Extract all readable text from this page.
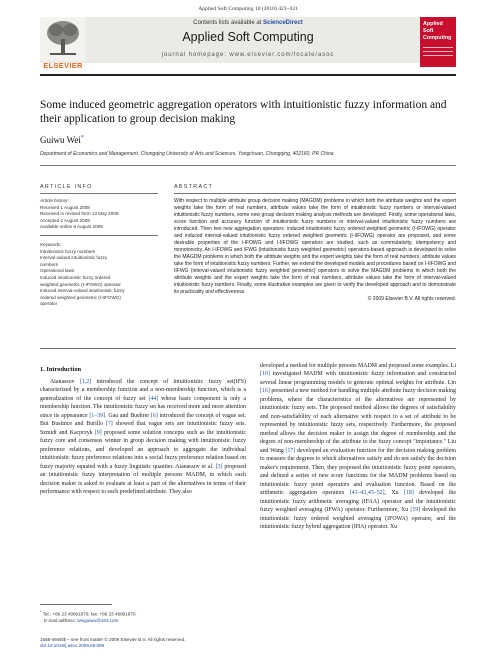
Applied Soft Computing 10 (2010) 423–431
ELSEVIER
Contents lists available at ScienceDirect
Applied Soft Computing
journal homepage: www.elsevier.com/locate/asoc
Applied
Soft
Computing
Some induced geometric aggregation operators with intuitionistic fuzzy information and their application to group decision making
Guiwu Wei*
Department of Economics and Management, Chongqing University of Arts and Sciences, Yongchuan, Chongqing, 402160, PR China
ARTICLE INFO	ABSTRACT
Article history:
Received 1 August 2008
Received in revised form 13 May 2009
Accepted 2 August 2009
Available online 8 August 2009
Keywords:
Intuitionistic fuzzy numbers
Interval-valued intuitionistic fuzzy
numbers
Operational laws
Induced intuitionistic fuzzy ordered
weighted geometric (I-IFOWG) operator
Induced interval-valued intuitionistic fuzzy
ordered weighted geometric (I-IIFOWG)
operator
With respect to multiple attribute group decision making (MAGDM) problems in which both the attribute weights and the expert weights take the form of real numbers, attribute values take the form of intuitionistic fuzzy numbers or interval-valued intuitionistic fuzzy numbers, some new group decision making analysis methods are developed. Firstly, some operational laws, score function and accuracy function of intuitionistic fuzzy numbers or interval-valued intuitionistic fuzzy numbers are introduced. Then two new aggregation operators: induced intuitionistic fuzzy ordered weighted geometric (I-IFOWG) operator and induced interval-valued intuitionistic fuzzy ordered weighted geometric (I-IIFOWG) operator are proposed, and some desirable properties of the I-IFOWG and I-IIFOWG operators are studied, such as commutativity, idempotency and monotonicity. An I-IFOWG and IFWG (intuitionistic fuzzy weighted geometric) operators-based approach is developed to solve the MAGDM problems in which both the attribute weights and the expert weights take the form of real numbers, attribute values take the form of intuitionistic fuzzy numbers. Further, we extend the developed models and procedures based on I-IIFOWG and IIFWG (interval-valued intuitionistic fuzzy weighted geometric) operators to solve the MAGDM problems in which both the attribute weights and the expert weights take the form of real numbers, attribute values take the form of interval-valued intuitionistic fuzzy numbers. Finally, some illustrative examples are given to verify the developed approach and to demonstrate its practicality and effectiveness.
© 2009 Elsevier B.V. All rights reserved.
1. Introduction
Atanassov [1,2] introduced the concept of intuitionistic fuzzy set(IFS) characterized by a membership function and a non-membership function, which is a generalization of the concept of fuzzy set [44] whose basic component is only a membership function. The intuitionistic fuzzy set has received more and more attention since its appearance [1–39]. Gau and Buehrer [6] introduced the concept of vague set. But Bustince and Burillo [7] showed that vague sets are intuitionistic fuzzy sets. Szmidt and Kacprzyk [9] proposed some solution concepts such as the intuitionistic fuzzy core and consensus winner in group decision making with intuitionistic fuzzy preference relations, and developed an approach to aggregate the individual intuitionistic fuzzy preference relations into a social fuzzy preference relation based on fuzzy majority equated with a fuzzy linguistic quantier. Atanassov et al. [3] proposed an intuitionistic fuzzy interpretation of multiple persons MADM, in which each decision maker is asked to evaluate at least a part of the alternatives in terms of their performance with respect to each predefined attribute. They also
developed a method for multiple persons MADM and proposed some examples. Li [10] investigated MADM with intuitionistic fuzzy information and constructed several linear programming models to generate optimal weights for attribute. Lin [16] presented a new method for handling multiple attribute fuzzy decision making problems, where the characteristics of the alternatives are represented by intuitionistic fuzzy sets. The proposed method allows the degrees of satisfiability and non-satisfiability of each alternative with respect to a set of attribute to be represented by intuitionistic fuzzy sets, respectively. Furthermore, the proposed method allows the decision maker to assign the degree of membership and the degree of non-membership of the attribute to the fuzzy concept "importance." Liu and Wang [17] developed an evaluation function for the decision making problem to measure the degrees to which alternatives satisfy and do not satisfy the decision maker's requirement. Then, they proposed the intuitionistic fuzzy point operators, and defined a series of new score functions for the MADM problems based on intuitionistic fuzzy point operators and evaluation function. Based on the arithmetic aggregation operators [41–43,45–52], Xu [18] developed the intuitionistic fuzzy arithmetic averaging (IFAA) operator and the intuitionistic fuzzy weighted averaging (IFWA) operator. Furthermore, Xu [19] developed the intuitionistic fuzzy ordered weighted averaging (IFOWA) operator, and the intuitionistic fuzzy hybrid aggregation (IHA) operator. Xu
* Tel.: +86 23 49891870; fax: +86 23 49891870.
E-mail address: weiguiwu@163.com
1568-4946/$ – see front matter © 2009 Elsevier B.V. All rights reserved.
doi:10.1016/j.asoc.2009.08.009
